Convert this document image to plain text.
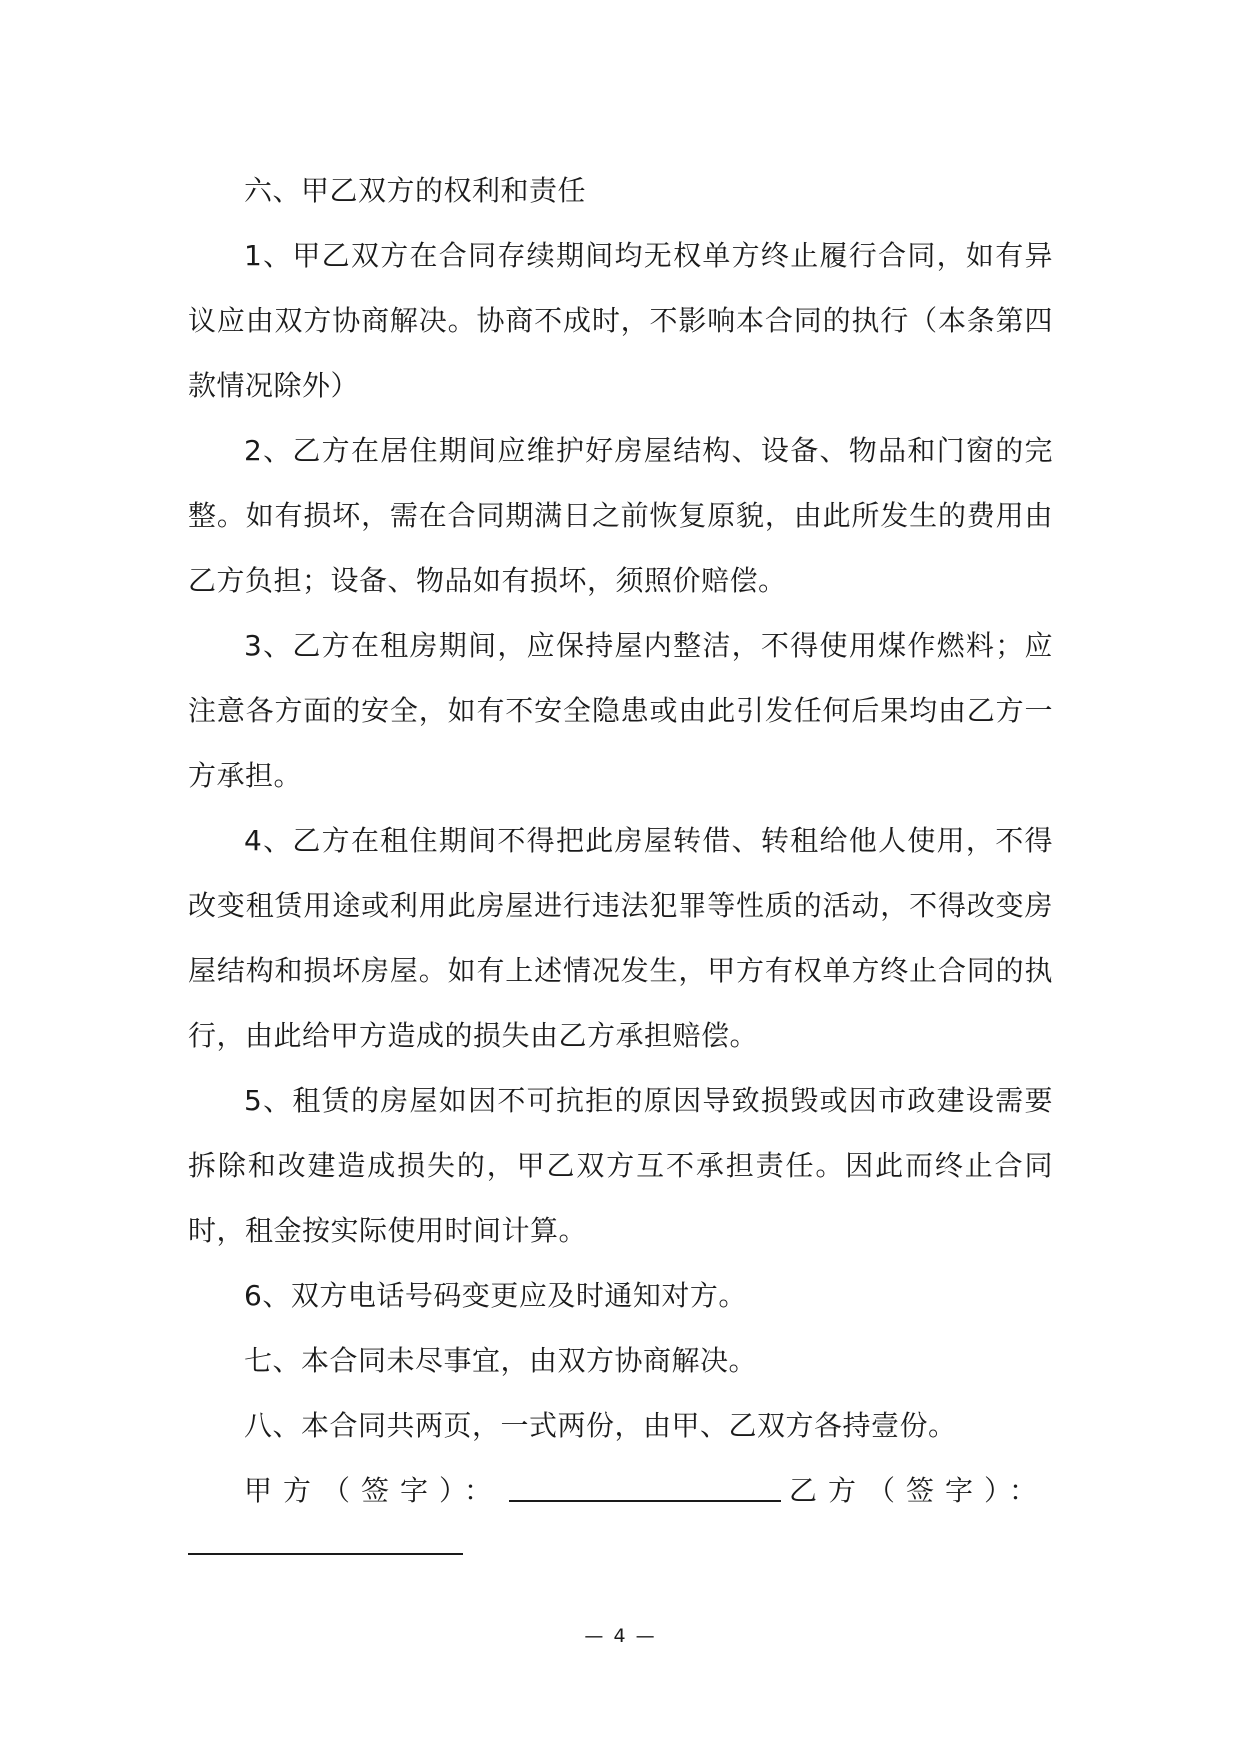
六、甲乙双方的权利和责任

1、甲乙双方在合同存续期间均无权单方终止履行合同，如有异议应由双方协商解决。协商不成时，不影响本合同的执行（本条第四款情况除外）

2、乙方在居住期间应维护好房屋结构、设备、物品和门窗的完整。如有损坏，需在合同期满日之前恢复原貌，由此所发生的费用由乙方负担；设备、物品如有损坏，须照价赔偿。

3、乙方在租房期间，应保持屋内整洁，不得使用煤作燃料；应注意各方面的安全，如有不安全隐患或由此引发任何后果均由乙方一方承担。

4、乙方在租住期间不得把此房屋转借、转租给他人使用，不得改变租赁用途或利用此房屋进行违法犯罪等性质的活动，不得改变房屋结构和损坏房屋。如有上述情况发生，甲方有权单方终止合同的执行，由此给甲方造成的损失由乙方承担赔偿。

5、租赁的房屋如因不可抗拒的原因导致损毁或因市政建设需要拆除和改建造成损失的，甲乙双方互不承担责任。因此而终止合同时，租金按实际使用时间计算。

6、双方电话号码变更应及时通知对方。

七、本合同未尽事宜，由双方协商解决。

八、本合同共两页，一式两份，由甲、乙双方各持壹份。

甲方（签字）：	乙方（签字）：
— 4 —
